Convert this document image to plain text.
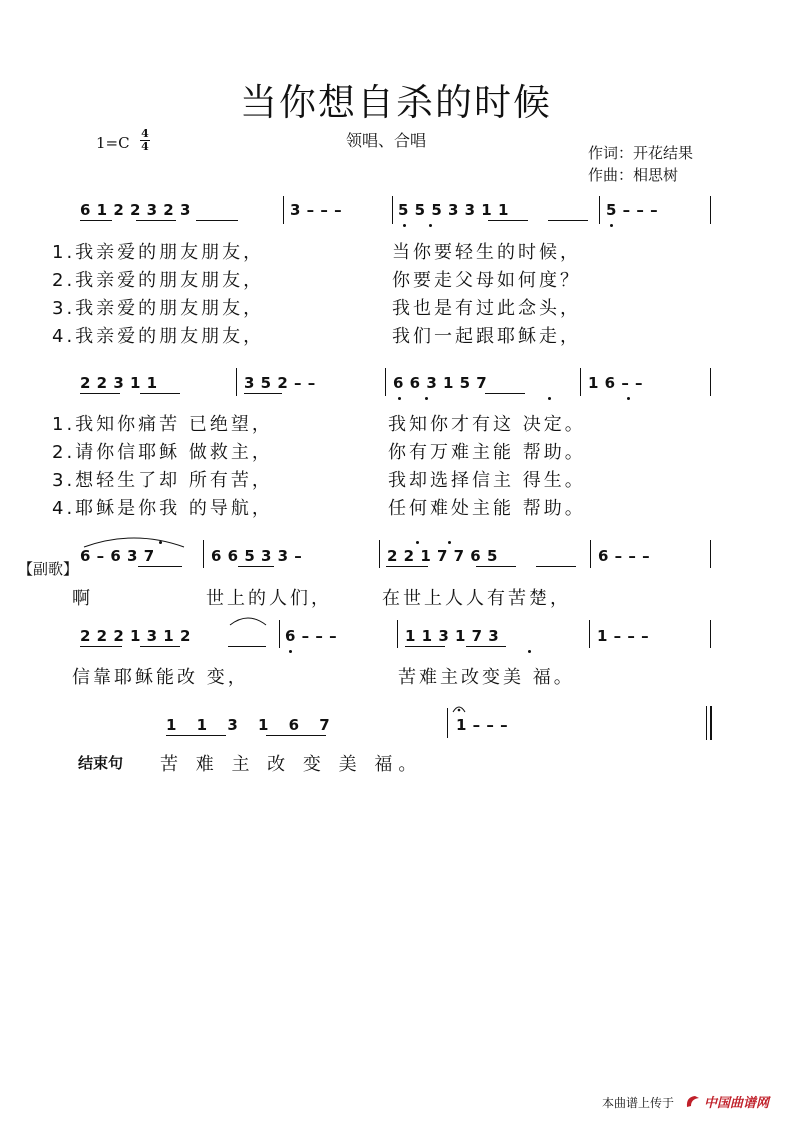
当你想自杀的时候
领唱、合唱
1=C
4
4	作词：开花结果
作曲：相思树
6 1 2 2 3 2 3	3 – – –	5 5 5 3 3 1 1	5 – – –
1.我亲爱的朋友朋友，	当你要轻生的时候，
2.我亲爱的朋友朋友，	你要走父母如何度？
3.我亲爱的朋友朋友，	我也是有过此念头，
4.我亲爱的朋友朋友，	我们一起跟耶稣走，
2 2 3 1 1	3 5 2 – –	6 6 3 1 5 7	1 6 – –
1.我知你痛苦 已绝望，	我知你才有这 决定。
2.请你信耶稣 做救主，	你有万难主能 帮助。
3.想轻生了却 所有苦，	我却选择信主 得生。
4.耶稣是你我 的导航，	任何难处主能 帮助。
【副歌】
6 – 6 3 7	6 6 5 3 3 –	2 2 1 7 7 6 5	6 – – –
啊	世上的人们，	在世上人人有苦楚，
2 2 2 1 3 1 2	6 – – –	1 1 3 1 7 3	1 – – –
信靠耶稣能改 变，	苦难主改变美 福。
1 1 3 1 6 7	1 – – –
结束句 苦 难 主 改 变 美 福。
本曲谱上传于 中国曲谱网
